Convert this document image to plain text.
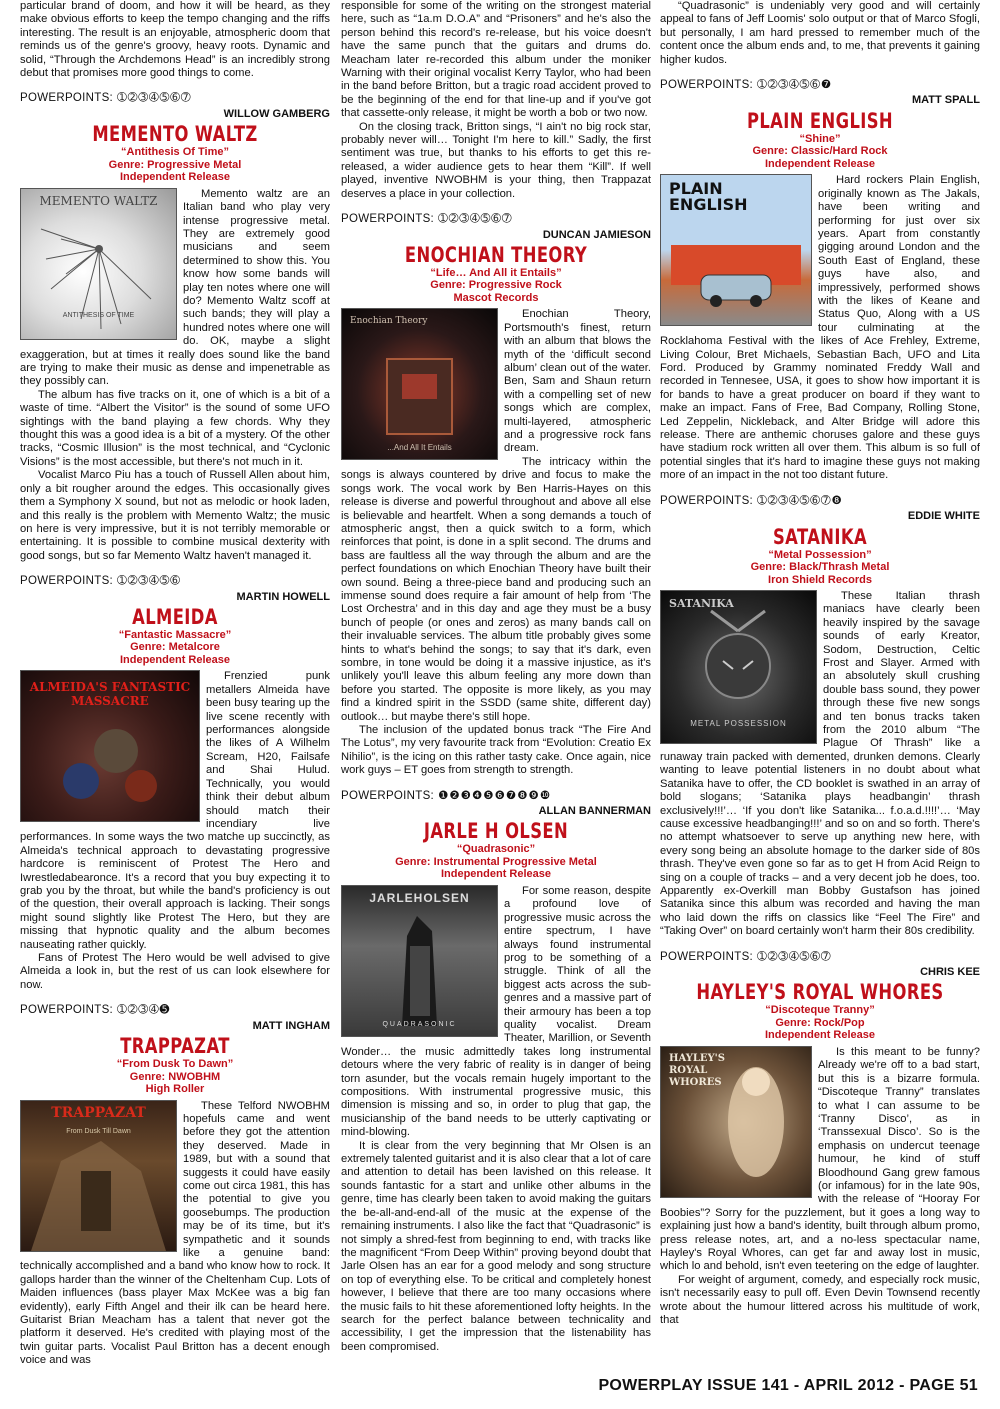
particular brand of doom, and how it will be heard, as they make obvious efforts to keep the tempo changing and the riffs interesting. The result is an enjoyable, atmospheric doom that reminds us of the genre's groovy, heavy roots. Dynamic and solid, “Through the Archdemons Head” is an incredibly strong debut that promises more good things to come.

POWERPOINTS: ➀➁➂➃➄➅➆
WILLOW GAMBERG
MEMENTO WALTZ
“Antithesis Of Time”
Genre: Progressive Metal
Independent Release
MEMENTO WALTZ
ANTITHESIS OF TIME

Memento waltz are an Italian band who play very intense progressive metal. They are extremely good musicians and seem determined to show this. You know how some bands will play ten notes where one will do? Memento Waltz scoff at such bands; they will play a hundred notes where one will do. OK, maybe a slight exaggeration, but at times it really does sound like the band are trying to make their music as dense and impenetrable as they possibly can.

The album has five tracks on it, one of which is a bit of a waste of time. “Albert the Visitor” is the sound of some UFO sightings with the band playing a few chords. Why they thought this was a good idea is a bit of a mystery. Of the other tracks, “Cosmic Illusion” is the most technical, and “Cyclonic Visions” is the most accessible, but there's not much in it.

Vocalist Marco Piu has a touch of Russell Allen about him, only a bit rougher around the edges. This occasionally gives them a Symphony X sound, but not as melodic or hook laden, and this really is the problem with Memento Waltz; the music on here is very impressive, but it is not terribly memorable or entertaining. It is possible to combine musical dexterity with good songs, but so far Memento Waltz haven't managed it.

POWERPOINTS: ➀➁➂➃➄➅
MARTIN HOWELL
ALMEIDA
“Fantastic Massacre”
Genre: Metalcore
Independent Release
ALMEIDA'S FANTASTIC MASSACRE

Frenzied punk metallers Almeida have been busy tearing up the live scene recently with performances alongside the likes of A Wilhelm Scream, H20, Failsafe and Shai Hulud. Technically, you would think their debut album should match their incendiary live performances. In some ways the two matche up succinctly, as Almeida's technical approach to devastating progressive hardcore is reminiscent of Protest The Hero and Iwrestledabearonce. It's a record that you buy expecting it to grab you by the throat, but while the band's proficiency is out of the question, their overall approach is lacking. Their songs might sound slightly like Protest The Hero, but they are missing that hypnotic quality and the album becomes nauseating rather quickly.

Fans of Protest The Hero would be well advised to give Almeida a look in, but the rest of us can look elsewhere for now.

POWERPOINTS: ➀➁➂➃➎
MATT INGHAM
TRAPPAZAT
“From Dusk To Dawn”
Genre: NWOBHM
High Roller
TRAPPAZAT
From Dusk Till Dawn

These Telford NWOBHM hopefuls came and went before they got the attention they deserved. Made in 1989, but with a sound that suggests it could have easily come out circa 1981, this has the potential to give you goosebumps. The production may be of its time, but it's sympathetic and it sounds like a genuine band: technically accomplished and a band who know how to rock. It gallops harder than the winner of the Cheltenham Cup. Lots of Maiden influences (bass player Max McKee was a big fan evidently), early Fifth Angel and their ilk can be heard here. Guitarist Brian Meacham has a talent that never got the platform it deserved. He's credited with playing most of the twin guitar parts. Vocalist Paul Britton has a decent enough voice and was

responsible for some of the writing on the strongest material here, such as “1a.m D.O.A” and “Prisoners” and he's also the person behind this record's re-release, but his voice doesn't have the same punch that the guitars and drums do. Meacham later re-recorded this album under the moniker Warning with their original vocalist Kerry Taylor, who had been in the band before Britton, but a tragic road accident proved to be the beginning of the end for that line-up and if you've got that cassette-only release, it might be worth a bob or two now.

On the closing track, Britton sings, “I ain't no big rock star, probably never will… Tonight I'm here to kill.” Sadly, the first sentiment was true, but thanks to his efforts to get this re-released, a wider audience gets to hear them “Kill”. If well played, inventive NWOBHM is your thing, then Trappazat deserves a place in your collection.

POWERPOINTS: ➀➁➂➃➄➅➆
DUNCAN JAMIESON
ENOCHIAN THEORY
“Life… And All it Entails”
Genre: Progressive Rock
Mascot Records
Enochian Theory
...And All It Entails

Enochian Theory, Portsmouth's finest, return with an album that blows the myth of the ‘difficult second album’ clean out of the water. Ben, Sam and Shaun return with a compelling set of new songs which are complex, multi-layered, atmospheric and a progressive rock fans dream.

The intricacy within the songs is always countered by drive and focus to make the songs work. The vocal work by Ben Harris-Hayes on this release is diverse and powerful throughout and above all else is believable and heartfelt. When a song demands a touch of atmospheric angst, then a quick switch to a form, which reinforces that point, is done in a split second. The drums and bass are faultless all the way through the album and are the perfect foundations on which Enochian Theory have built their own sound. Being a three-piece band and producing such an immense sound does require a fair amount of help from ‘The Lost Orchestra’ and in this day and age they must be a busy bunch of people (or ones and zeros) as many bands call on their invaluable services. The album title probably gives some hints to what's behind the songs; to say that it's dark, even sombre, in tone would be doing it a massive injustice, as it's unlikely you'll leave this album feeling any more down than before you started. The opposite is more likely, as you may find a kindred spirit in the SSDD (same shite, different day) outlook… but maybe there's still hope.

The inclusion of the updated bonus track “The Fire And The Lotus”, my very favourite track from “Evolution: Creatio Ex Nihilio”, is the icing on this rather tasty cake. Once again, nice work guys – ET goes from strength to strength.

POWERPOINTS: ❶❷❸❹❺❻❼❽❾❿
ALLAN BANNERMAN
JARLE H OLSEN
“Quadrasonic”
Genre: Instrumental Progressive Metal
Independent Release
JARLEHOLSEN
QUADRASONIC

For some reason, despite a profound love of progressive music across the entire spectrum, I have always found instrumental prog to be something of a struggle. Think of all the biggest acts across the sub-genres and a massive part of their armoury has been a top quality vocalist. Dream Theater, Marillion, or Seventh Wonder… the music admittedly takes long instrumental detours where the very fabric of reality is in danger of being torn asunder, but the vocals remain hugely important to the compositions. With instrumental progressive music, this dimension is missing and so, in order to plug that gap, the musicianship of the band needs to be utterly captivating or mind-blowing.

It is clear from the very beginning that Mr Olsen is an extremely talented guitarist and it is also clear that a lot of care and attention to detail has been lavished on this release. It sounds fantastic for a start and unlike other albums in the genre, time has clearly been taken to avoid making the guitars the be-all-and-end-all of the music at the expense of the remaining instruments. I also like the fact that “Quadrasonic” is not simply a shred-fest from beginning to end, with tracks like the magnificent “From Deep Within” proving beyond doubt that Jarle Olsen has an ear for a good melody and song structure on top of everything else. To be critical and completely honest however, I believe that there are too many occasions where the music fails to hit these aforementioned lofty heights. In the search for the perfect balance between technicality and accessibility, I get the impression that the listenability has been compromised.

“Quadrasonic” is undeniably very good and will certainly appeal to fans of Jeff Loomis' solo output or that of Marco Sfogli, but personally, I am hard pressed to remember much of the content once the album ends and, to me, that prevents it gaining higher kudos.

POWERPOINTS: ➀➁➂➃➄➅❼
MATT SPALL
PLAIN ENGLISH
“Shine”
Genre: Classic/Hard Rock
Independent Release
PLAIN ENGLISH

Hard rockers Plain English, originally known as The Jakals, have been writing and performing for just over six years. Apart from constantly gigging around London and the South East of England, these guys have also, and impressively, performed shows with the likes of Keane and Status Quo, Along with a US tour culminating at the Rocklahoma Festival with the likes of Ace Frehley, Extreme, Living Colour, Bret Michaels, Sebastian Bach, UFO and Lita Ford. Produced by Grammy nominated Freddy Wall and recorded in Tennesee, USA, it goes to show how important it is for bands to have a great producer on board if they want to make an impact. Fans of Free, Bad Company, Rolling Stone, Led Zeppelin, Nickleback, and Alter Bridge will adore this release. There are anthemic choruses galore and these guys have stadium rock written all over them. This album is so full of potential singles that it's hard to imagine these guys not making more of an impact in the not too distant future.

POWERPOINTS: ➀➁➂➃➄➅➆❽
EDDIE WHITE
SATANIKA
“Metal Possession”
Genre: Black/Thrash Metal
Iron Shield Records
SATANIKA
METAL POSSESSION

These Italian thrash maniacs have clearly been heavily inspired by the savage sounds of early Kreator, Sodom, Destruction, Celtic Frost and Slayer. Armed with an absolutely skull crushing double bass sound, they power through these five new songs and ten bonus tracks taken from the 2010 album “The Plague Of Thrash” like a runaway train packed with demented, drunken demons. Clearly wanting to leave potential listeners in no doubt about what Satanika have to offer, the CD booklet is swathed in an array of bold slogans; ‘Satanika plays headbangin’ thrash exclusively!!!’… ‘If you don't like Satanika... f.o.a.d.!!!!’… ‘May cause excessive headbanging!!!’ and so on and so forth. There's no attempt whatsoever to serve up anything new here, with every song being an absolute homage to the darker side of 80s thrash. They've even gone so far as to get H from Acid Reign to sing on a couple of tracks – and a very decent job he does, too. Apparently ex-Overkill man Bobby Gustafson has joined Satanika since this album was recorded and having the man who laid down the riffs on classics like “Feel The Fire” and “Taking Over” on board certainly won't harm their 80s credibility.

POWERPOINTS: ➀➁➂➃➄➅➆
CHRIS KEE
HAYLEY'S ROYAL WHORES
“Discoteque Tranny”
Genre: Rock/Pop
Independent Release
HAYLEY'S ROYAL WHORES

Is this meant to be funny? Already we're off to a bad start, but this is a bizarre formula. “Discoteque Tranny” translates to what I can assume to be ‘Tranny Disco’, as in ‘Transsexual Disco’. So is the emphasis on undercut teenage humour, he kind of stuff Bloodhound Gang grew famous (or infamous) for in the late 90s, with the release of “Hooray For Boobies”? Sorry for the puzzlement, but it goes a long way to explaining just how a band's identity, built through album promo, press release notes, art, and a no-less spectacular name, Hayley's Royal Whores, can get far and away lost in music, which lo and behold, isn't even teetering on the edge of laughter.

For weight of argument, comedy, and especially rock music, isn't necessarily easy to pull off. Even Devin Townsend recently wrote about the humour littered across his multitude of work, that

POWERPLAY ISSUE 141 - APRIL 2012 - PAGE 51
